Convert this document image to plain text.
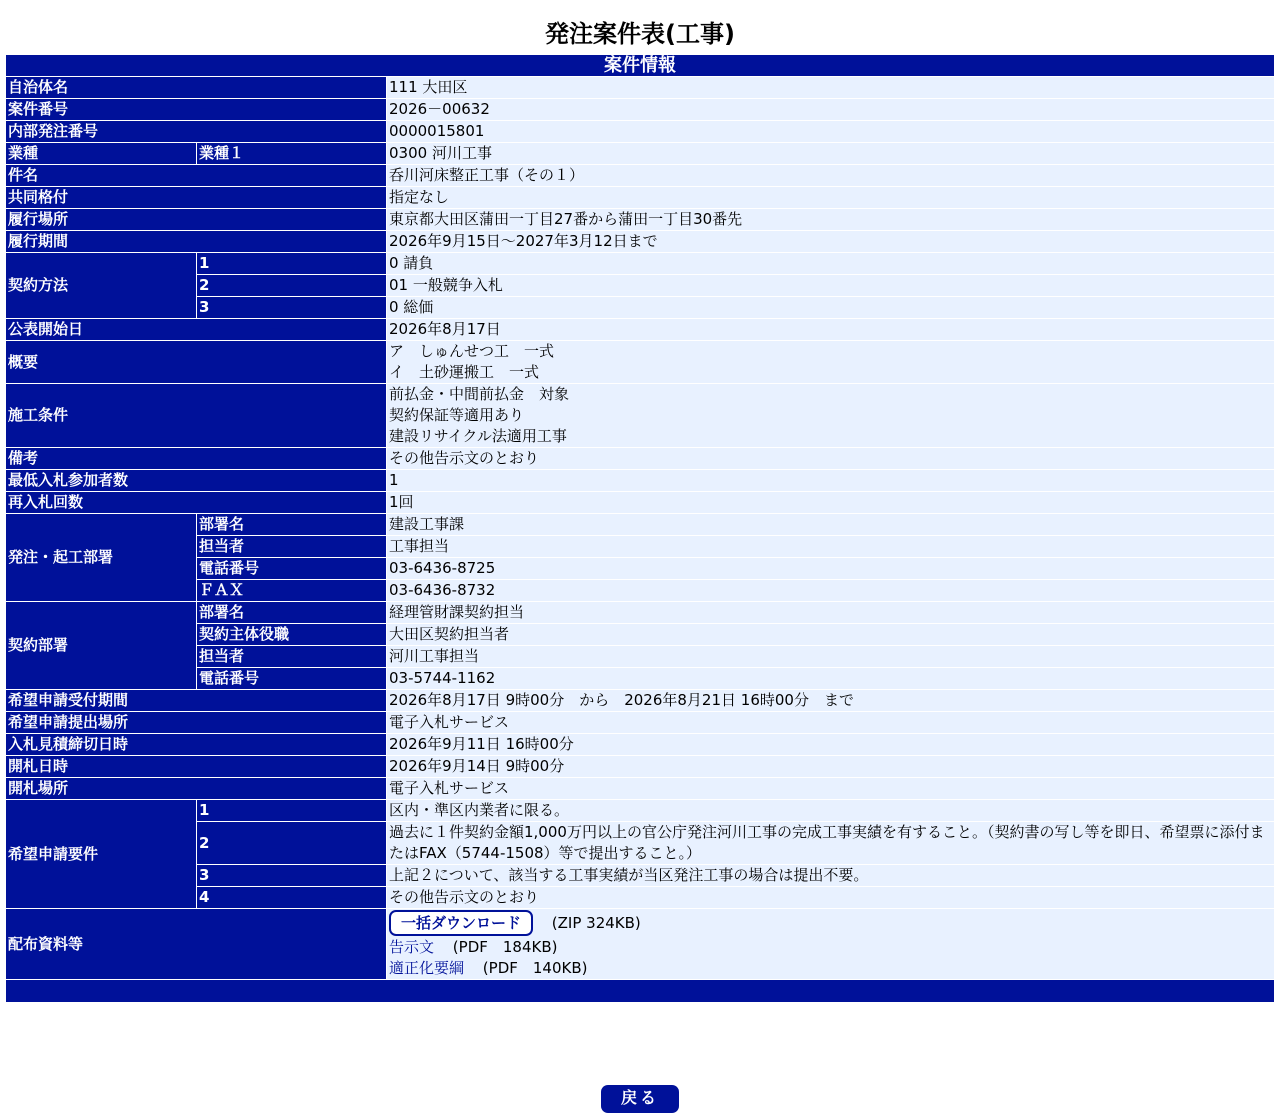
発注案件表(工事)
案件情報		
自治体名		111 大田区
案件番号		2026－00632
内部発注番号		0000015801
業種	業種１	0300 河川工事
件名		呑川河床整正工事（その１）
共同格付		指定なし
履行場所		東京都大田区蒲田一丁目27番から蒲田一丁目30番先
履行期間		2026年9月15日～2027年3月12日まで
契約方法	1	0 請負
	2	01 一般競争入札
	3	0 総価
公表開始日		2026年8月17日
概要		ア　しゅんせつ工　一式
イ　土砂運搬工　一式

施工条件		前払金・中間前払金　対象
契約保証等適用あり
建設リサイクル法適用工事

備考		その他告示文のとおり
最低入札参加者数		1
再入札回数		1回
発注・起工部署	部署名	建設工事課
	担当者	工事担当
	電話番号	03-6436-8725
	ＦＡＸ	03-6436-8732
契約部署	部署名	経理管財課契約担当
	契約主体役職	大田区契約担当者
	担当者	河川工事担当
	電話番号	03-5744-1162
希望申請受付期間		2026年8月17日 9時00分　から　2026年8月21日 16時00分　まで
希望申請提出場所		電子入札サービス
入札見積締切日時		2026年9月11日 16時00分
開札日時		2026年9月14日 9時00分
開札場所		電子入札サービス
希望申請要件	1	区内・準区内業者に限る。
	2	過去に１件契約金額1,000万円以上の官公庁発注河川工事の完成工事実績を有すること。（契約書の写し等を即日、希望票に添付またはFAX（5744-1508）等で提出すること。）
	3	上記２について、該当する工事実績が当区発注工事の場合は提出不要。
	4	その他告示文のとおり
配布資料等		一括ダウンロード (ZIP 324KB)
告示文 (PDF　184KB)
適正化要綱 (PDF　140KB)

戻る
